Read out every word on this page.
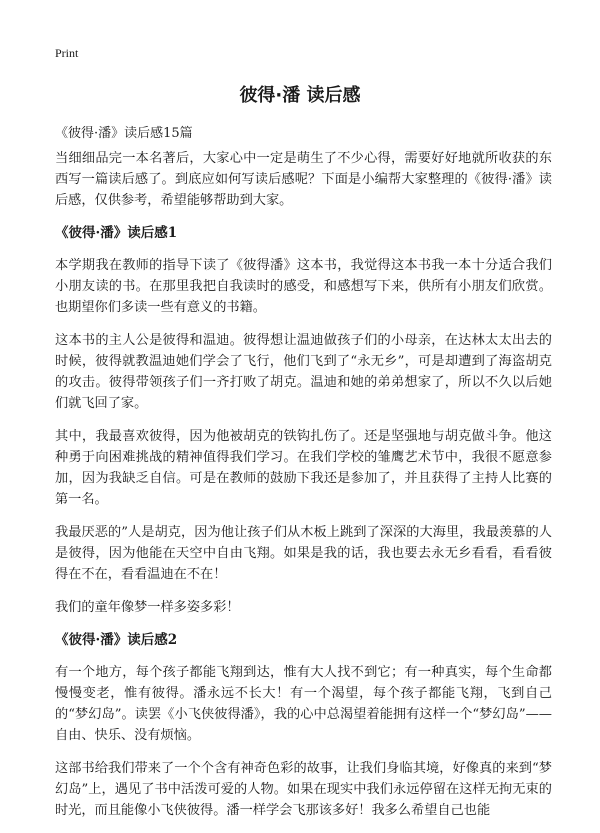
Print
彼得·潘 读后感
《彼得·潘》读后感15篇

当细细品完一本名著后，大家心中一定是萌生了不少心得，需要好好地就所收获的东西写一篇读后感了。到底应如何写读后感呢？下面是小编帮大家整理的《彼得·潘》读后感，仅供参考，希望能够帮助到大家。

《彼得·潘》读后感1

本学期我在教师的指导下读了《彼得潘》这本书，我觉得这本书我一本十分适合我们小朋友读的书。在那里我把自我读时的感受，和感想写下来，供所有小朋友们欣赏。也期望你们多读一些有意义的书籍。

这本书的主人公是彼得和温迪。彼得想让温迪做孩子们的小母亲，在达林太太出去的时候，彼得就教温迪她们学会了飞行，他们飞到了“永无乡”，可是却遭到了海盗胡克的攻击。彼得带领孩子们一齐打败了胡克。温迪和她的弟弟想家了，所以不久以后她们就飞回了家。

其中，我最喜欢彼得，因为他被胡克的铁钩扎伤了。还是坚强地与胡克做斗争。他这种勇于向困难挑战的精神值得我们学习。在我们学校的雏鹰艺术节中，我很不愿意参加，因为我缺乏自信。可是在教师的鼓励下我还是参加了，并且获得了主持人比赛的第一名。

我最厌恶的”人是胡克，因为他让孩子们从木板上跳到了深深的大海里，我最羡慕的人是彼得，因为他能在天空中自由飞翔。如果是我的话，我也要去永无乡看看，看看彼得在不在，看看温迪在不在！

我们的童年像梦一样多姿多彩！

《彼得·潘》读后感2

有一个地方，每个孩子都能飞翔到达，惟有大人找不到它；有一种真实，每个生命都慢慢变老，惟有彼得。潘永远不长大！有一个渴望，每个孩子都能飞翔，飞到自己的“梦幻岛”。读罢《小飞侠彼得潘》，我的心中总渴望着能拥有这样一个“梦幻岛”——自由、快乐、没有烦恼。

这部书给我们带来了一个个含有神奇色彩的故事，让我们身临其境，好像真的来到“梦幻岛”上，遇见了书中活泼可爱的人物。如果在现实中我们永远停留在这样无拘无束的时光，而且能像小飞侠彼得。潘一样学会飞那该多好！我多么希望自己也能
